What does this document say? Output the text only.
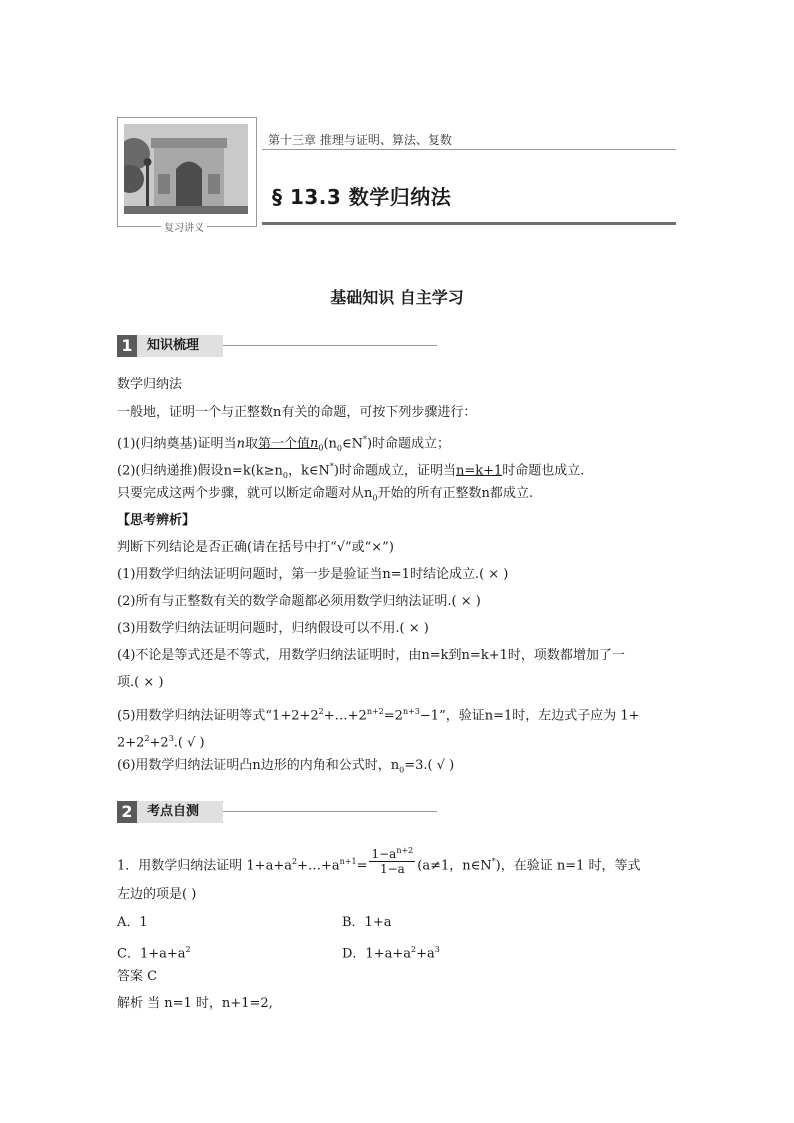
复习讲义
第十三章 推理与证明、算法、复数
§ 13.3 数学归纳法
基础知识 自主学习
1	知识梳理
数学归纳法
一般地，证明一个与正整数n有关的命题，可按下列步骤进行：
(1)(归纳奠基)证明当n取第一个值$n_0(n_0\in N^*)$时命题成立；
(2)(归纳递推)假设$n=k(k\ge n_0$，k∈N*)时命题成立，证明当n=k+1时命题也成立.
只要完成这两个步骤，就可以断定命题对从$n_0$开始的所有正整数n都成立.
【思考辨析】
判断下列结论是否正确(请在括号中打“√”或“×”)
(1)用数学归纳法证明问题时，第一步是验证当n=1时结论成立.( × )
(2)所有与正整数有关的数学命题都必须用数学归纳法证明.( × )
(3)用数学归纳法证明问题时，归纳假设可以不用.( × )
(4)不论是等式还是不等式，用数学归纳法证明时，由n=k到n=k+1时，项数都增加了一
项.( × )
(5)用数学归纳法证明等式“$1+2+2^2+\dots+2^{n+2}=2^{n+3}-1$”，验证n=1时，左边式子应为 1+
$2+2^2+2^3$.( √ )
(6)用数学归纳法证明凸n边形的内角和公式时，$n_0=3$.( √ )
2	考点自测
1．用数学归纳法证明 $1+a+a^2+\dots+a^{n+1}= \frac{1-a^{n+2}}{1-a} (a\ne 1$，n∈N*)，在验证 n=1 时，等式
左边的项是( )
A．1	B．1+a
C．$1+a+a^2$	D．$1+a+a^2+a^3$
答案 C
解析 当 n=1 时，n+1=2,
